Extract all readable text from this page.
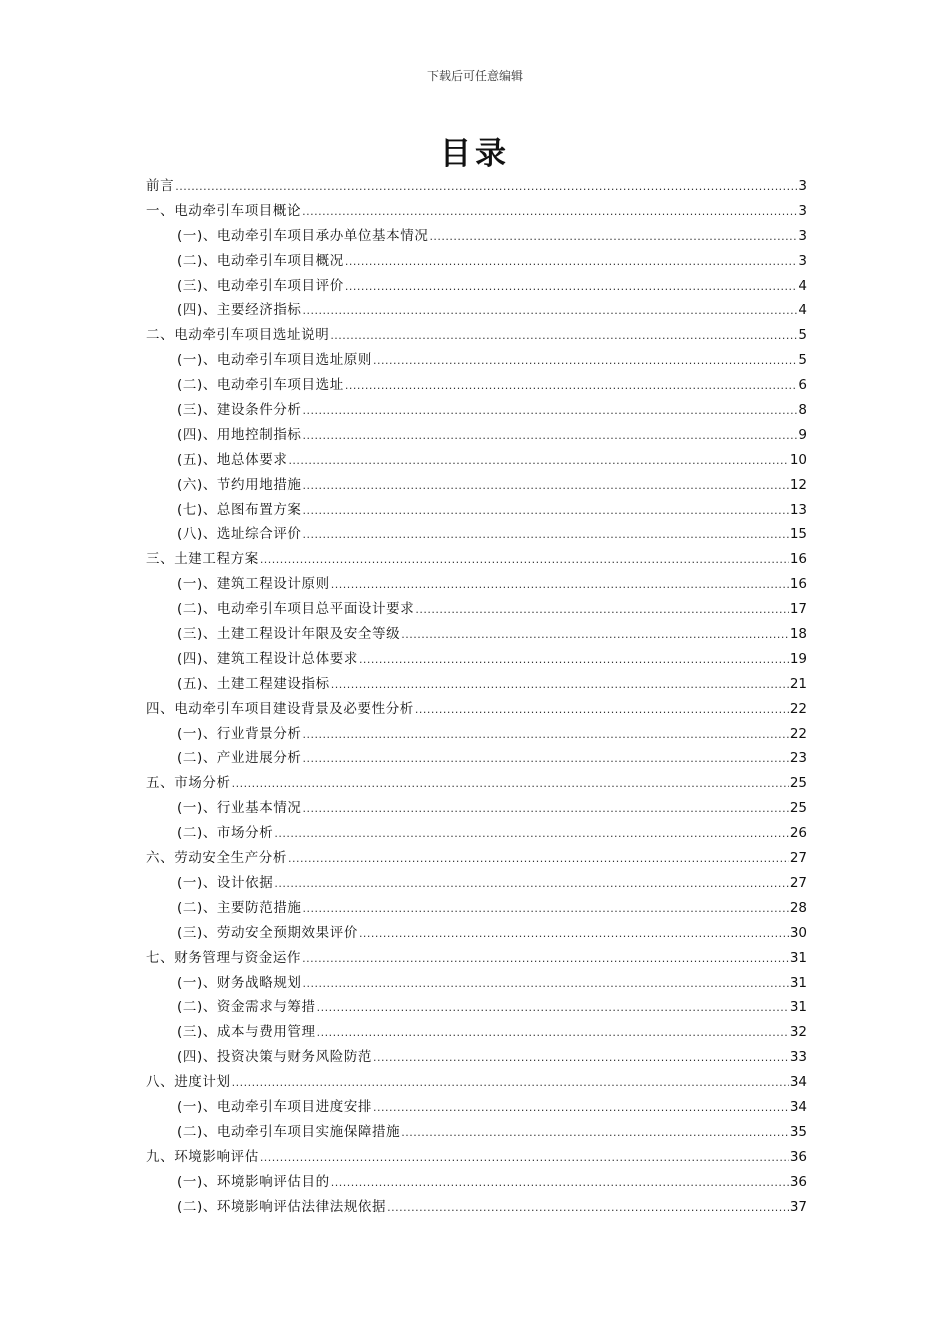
下载后可任意编辑
目录
前言 .....	3
一、电动牵引车项目概论 .....	3
(一)、电动牵引车项目承办单位基本情况 .....	3
(二)、电动牵引车项目概况 .....	3
(三)、电动牵引车项目评价 .....	4
(四)、主要经济指标 .....	4
二、电动牵引车项目选址说明 .....	5
(一)、电动牵引车项目选址原则 .....	5
(二)、电动牵引车项目选址 .....	6
(三)、建设条件分析 .....	8
(四)、用地控制指标 .....	9
(五)、地总体要求 .....	10
(六)、节约用地措施 .....	12
(七)、总图布置方案 .....	13
(八)、选址综合评价 .....	15
三、土建工程方案 .....	16
(一)、建筑工程设计原则 .....	16
(二)、电动牵引车项目总平面设计要求 .....	17
(三)、土建工程设计年限及安全等级 .....	18
(四)、建筑工程设计总体要求 .....	19
(五)、土建工程建设指标 .....	21
四、电动牵引车项目建设背景及必要性分析 .....	22
(一)、行业背景分析 .....	22
(二)、产业进展分析 .....	23
五、市场分析 .....	25
(一)、行业基本情况 .....	25
(二)、市场分析 .....	26
六、劳动安全生产分析 .....	27
(一)、设计依据 .....	27
(二)、主要防范措施 .....	28
(三)、劳动安全预期效果评价 .....	30
七、财务管理与资金运作 .....	31
(一)、财务战略规划 .....	31
(二)、资金需求与筹措 .....	31
(三)、成本与费用管理 .....	32
(四)、投资决策与财务风险防范 .....	33
八、进度计划 .....	34
(一)、电动牵引车项目进度安排 .....	34
(二)、电动牵引车项目实施保障措施 .....	35
九、环境影响评估 .....	36
(一)、环境影响评估目的 .....	36
(二)、环境影响评估法律法规依据 .....	37
